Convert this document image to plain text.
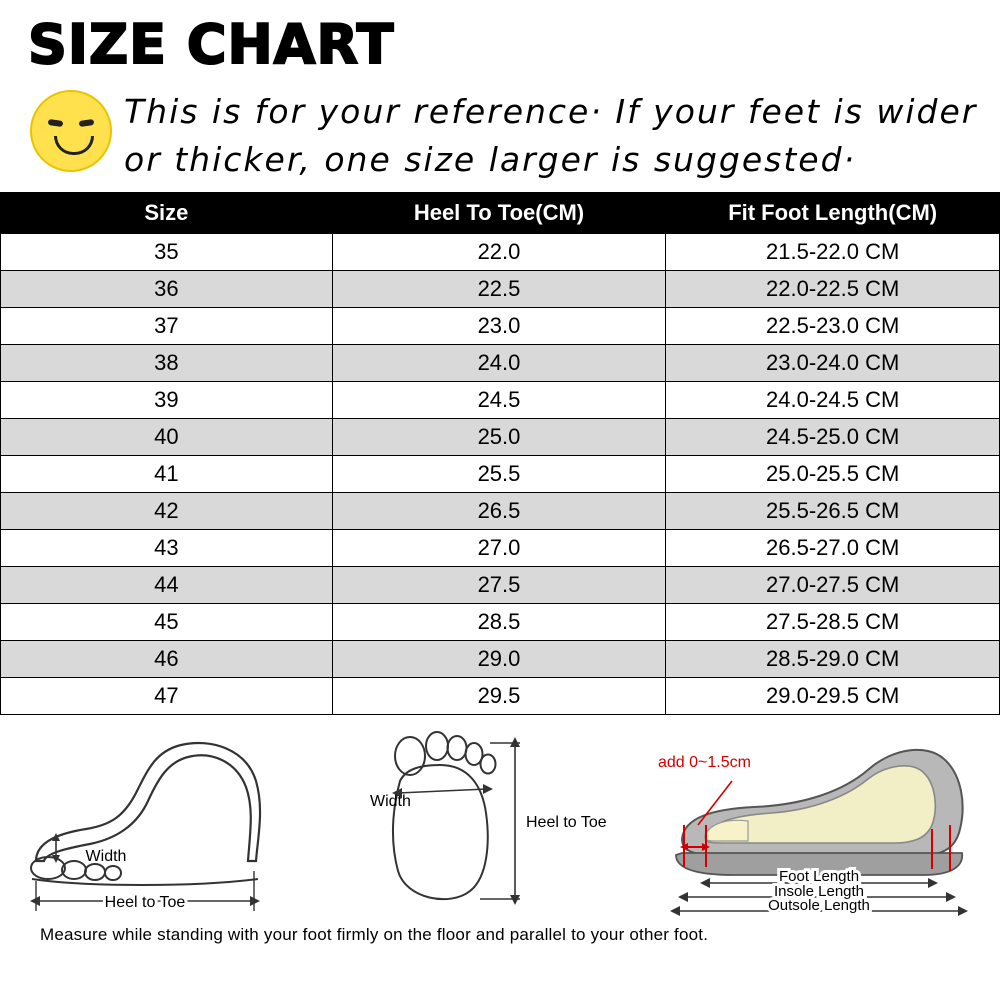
SIZE CHART
This is for your reference· If your feet is wider or thicker, one size larger is suggested·
Size	Heel To Toe(CM)	Fit Foot Length(CM)
35	22.0	21.5-22.0 CM
36	22.5	22.0-22.5 CM
37	23.0	22.5-23.0 CM
38	24.0	23.0-24.0 CM
39	24.5	24.0-24.5 CM
40	25.0	24.5-25.0 CM
41	25.5	25.0-25.5 CM
42	26.5	25.5-26.5 CM
43	27.0	26.5-27.0 CM
44	27.5	27.0-27.5 CM
45	28.5	27.5-28.5 CM
46	29.0	28.5-29.0 CM
47	29.5	29.0-29.5 CM
Width
Heel to Toe
Width
Heel to Toe
add 0~1.5cm
Foot Length
Insole Length
Outsole Length
Measure while standing with your foot firmly on the floor and parallel to your other foot.
